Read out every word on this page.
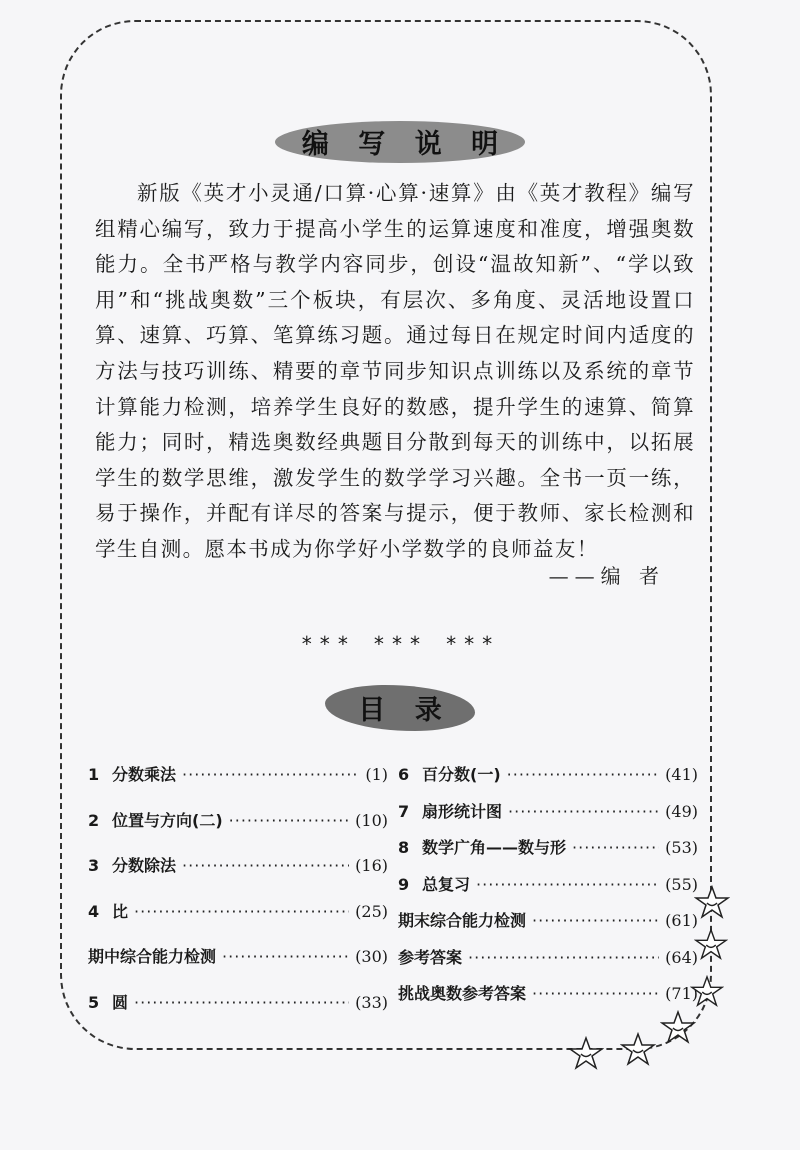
编 写 说 明

新版《英才小灵通/口算·心算·速算》由《英才教程》编写组精心编写，致力于提高小学生的运算速度和准度，增强奥数能力。全书严格与教学内容同步，创设“温故知新”、“学以致用”和“挑战奥数”三个板块，有层次、多角度、灵活地设置口算、速算、巧算、笔算练习题。通过每日在规定时间内适度的方法与技巧训练、精要的章节同步知识点训练以及系统的章节计算能力检测，培养学生良好的数感，提升学生的速算、简算能力；同时，精选奥数经典题目分散到每天的训练中，以拓展学生的数学思维，激发学生的数学学习兴趣。全书一页一练，易于操作，并配有详尽的答案与提示，便于教师、家长检测和学生自测。愿本书成为你学好小学数学的良师益友！

——编 者
*** *** ***
目 录
1 分数乘法 ·····	(1)
2 位置与方向(二) ·····	(10)
3 分数除法 ·····	(16)
4 比 ·····	(25)
期中综合能力检测 ·····	(30)
5 圆 ·····	(33)
6 百分数(一) ·····	(41)
7 扇形统计图 ·····	(49)
8 数学广角——数与形 ·····	(53)
9 总复习 ·····	(55)
期末综合能力检测 ·····	(61)
参考答案 ·····	(64)
挑战奥数参考答案 ·····	(71)
